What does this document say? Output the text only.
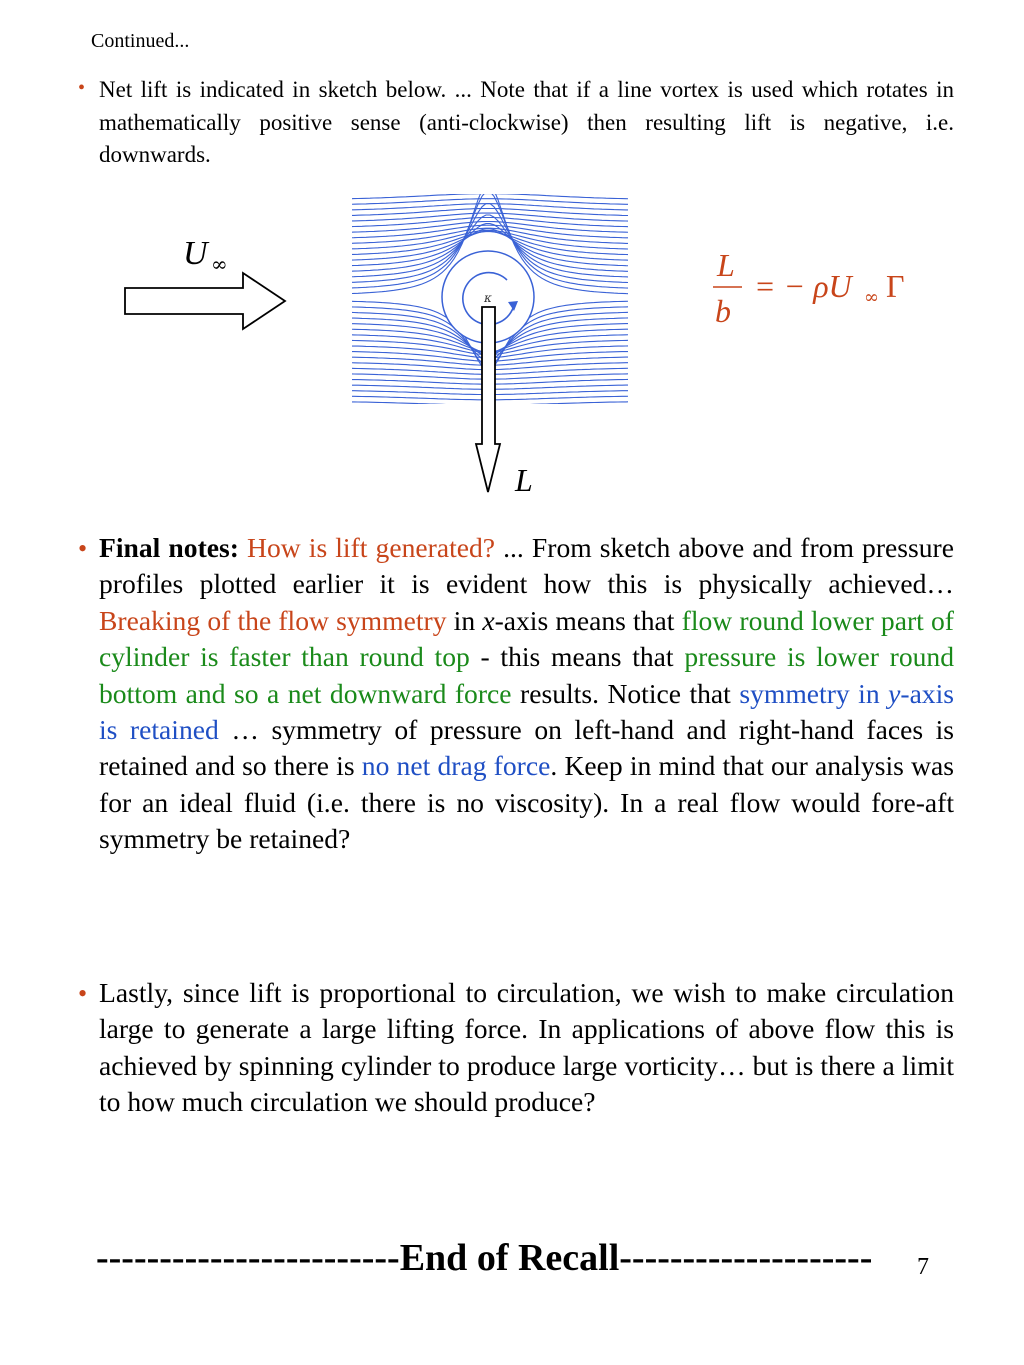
Continued...
• Net lift is indicated in sketch below. ... Note that if a line vortex is used which rotates in mathematically positive sense (anti-clockwise) then resulting lift is negative, i.e. downwards.
κ
U ∞
L
L
b
= − ρU ∞ Γ
• Final notes: How is lift generated? ... From sketch above and from pressure profiles plotted earlier it is evident how this is physically achieved… Breaking of the flow symmetry in x-axis means that flow round lower part of cylinder is faster than round top - this means that pressure is lower round bottom and so a net downward force results. Notice that symmetry in y-axis is retained … symmetry of pressure on left-hand and right-hand faces is retained and so there is no net drag force. Keep in mind that our analysis was for an ideal fluid (i.e. there is no viscosity). In a real flow would fore-aft symmetry be retained?
• Lastly, since lift is proportional to circulation, we wish to make circulation large to generate a large lifting force. In applications of above flow this is achieved by spinning cylinder to produce large vorticity… but is there a limit to how much circulation we should produce?
------------------------End of Recall-------------------- 7
